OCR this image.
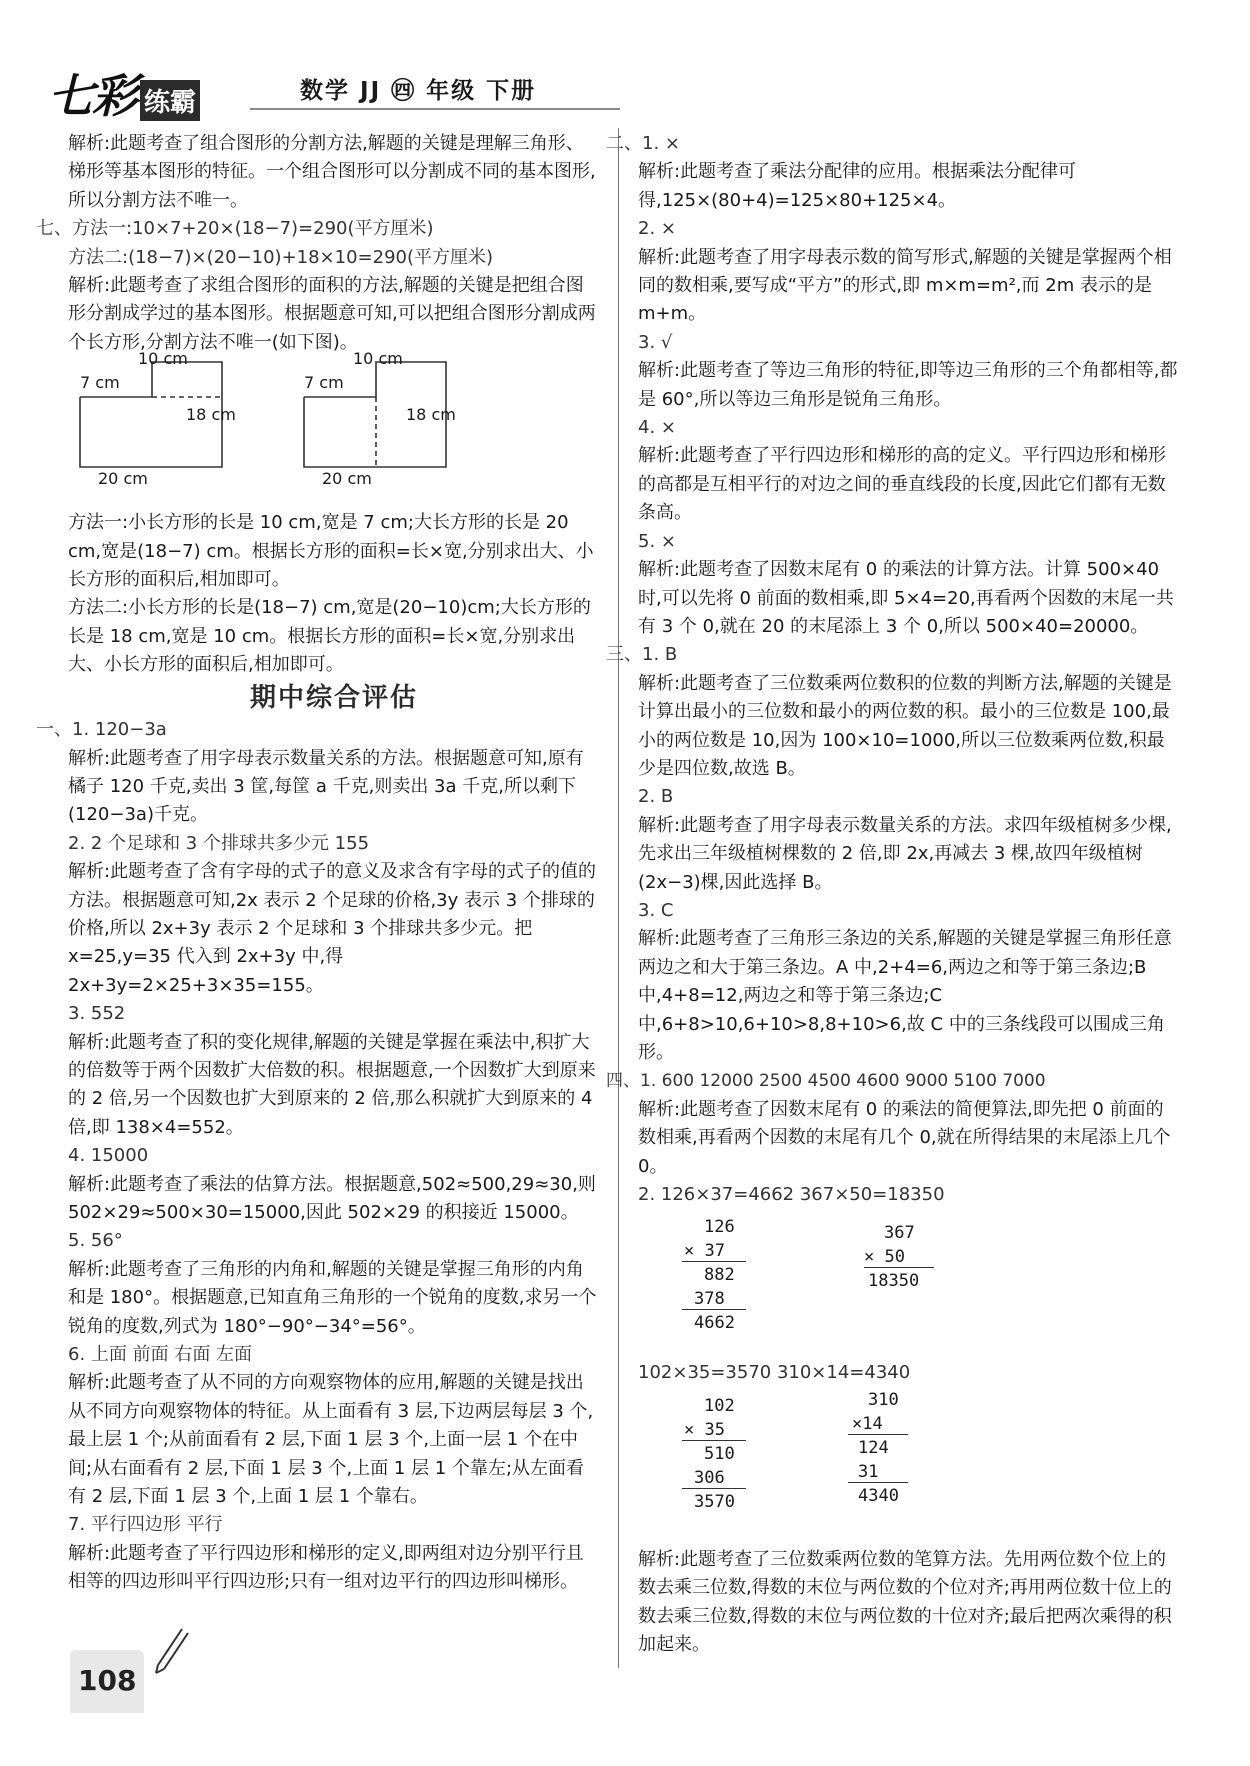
七彩 练霸	数学 JJ ㊃ 年级 下册

解析:此题考查了组合图形的分割方法,解题的关键是理解三角形、梯形等基本图形的特征。一个组合图形可以分割成不同的基本图形,所以分割方法不唯一。

七、方法一:10×7+20×(18−7)=290(平方厘米)

方法二:(18−7)×(20−10)+18×10=290(平方厘米)

解析:此题考查了求组合图形的面积的方法,解题的关键是把组合图形分割成学过的基本图形。根据题意可知,可以把组合图形分割成两个长方形,分割方法不唯一(如下图)。

10 cm
7 cm
18 cm
20 cm
10 cm
7 cm
18 cm
20 cm

方法一:小长方形的长是 10 cm,宽是 7 cm;大长方形的长是 20 cm,宽是(18−7) cm。根据长方形的面积=长×宽,分别求出大、小长方形的面积后,相加即可。

方法二:小长方形的长是(18−7) cm,宽是(20−10)cm;大长方形的长是 18 cm,宽是 10 cm。根据长方形的面积=长×宽,分别求出大、小长方形的面积后,相加即可。

期中综合评估

一、1. 120−3a

解析:此题考查了用字母表示数量关系的方法。根据题意可知,原有橘子 120 千克,卖出 3 筐,每筐 a 千克,则卖出 3a 千克,所以剩下(120−3a)千克。

2. 2 个足球和 3 个排球共多少元 155

解析:此题考查了含有字母的式子的意义及求含有字母的式子的值的方法。根据题意可知,2x 表示 2 个足球的价格,3y 表示 3 个排球的价格,所以 2x+3y 表示 2 个足球和 3 个排球共多少元。把 x=25,y=35 代入到 2x+3y 中,得 2x+3y=2×25+3×35=155。

3. 552

解析:此题考查了积的变化规律,解题的关键是掌握在乘法中,积扩大的倍数等于两个因数扩大倍数的积。根据题意,一个因数扩大到原来的 2 倍,另一个因数也扩大到原来的 2 倍,那么积就扩大到原来的 4 倍,即 138×4=552。

4. 15000

解析:此题考查了乘法的估算方法。根据题意,502≈500,29≈30,则 502×29≈500×30=15000,因此 502×29 的积接近 15000。

5. 56°

解析:此题考查了三角形的内角和,解题的关键是掌握三角形的内角和是 180°。根据题意,已知直角三角形的一个锐角的度数,求另一个锐角的度数,列式为 180°−90°−34°=56°。

6. 上面 前面 右面 左面

解析:此题考查了从不同的方向观察物体的应用,解题的关键是找出从不同方向观察物体的特征。从上面看有 3 层,下边两层每层 3 个,最上层 1 个;从前面看有 2 层,下面 1 层 3 个,上面一层 1 个在中间;从右面看有 2 层,下面 1 层 3 个,上面 1 层 1 个靠左;从左面看有 2 层,下面 1 层 3 个,上面 1 层 1 个靠右。

7. 平行四边形 平行

解析:此题考查了平行四边形和梯形的定义,即两组对边分别平行且相等的四边形叫平行四边形;只有一组对边平行的四边形叫梯形。

二、1. ×

解析:此题考查了乘法分配律的应用。根据乘法分配律可得,125×(80+4)=125×80+125×4。

2. ×

解析:此题考查了用字母表示数的简写形式,解题的关键是掌握两个相同的数相乘,要写成“平方”的形式,即 m×m=m²,而 2m 表示的是 m+m。

3. √

解析:此题考查了等边三角形的特征,即等边三角形的三个角都相等,都是 60°,所以等边三角形是锐角三角形。

4. ×

解析:此题考查了平行四边形和梯形的高的定义。平行四边形和梯形的高都是互相平行的对边之间的垂直线段的长度,因此它们都有无数条高。

5. ×

解析:此题考查了因数末尾有 0 的乘法的计算方法。计算 500×40 时,可以先将 0 前面的数相乘,即 5×4=20,再看两个因数的末尾一共有 3 个 0,就在 20 的末尾添上 3 个 0,所以 500×40=20000。

三、1. B

解析:此题考查了三位数乘两位数积的位数的判断方法,解题的关键是计算出最小的三位数和最小的两位数的积。最小的三位数是 100,最小的两位数是 10,因为 100×10=1000,所以三位数乘两位数,积最少是四位数,故选 B。

2. B

解析:此题考查了用字母表示数量关系的方法。求四年级植树多少棵,先求出三年级植树棵数的 2 倍,即 2x,再减去 3 棵,故四年级植树(2x−3)棵,因此选择 B。

3. C

解析:此题考查了三角形三条边的关系,解题的关键是掌握三角形任意两边之和大于第三条边。A 中,2+4=6,两边之和等于第三条边;B 中,4+8=12,两边之和等于第三条边;C 中,6+8>10,6+10>8,8+10>6,故 C 中的三条线段可以围成三角形。

四、1. 600 12000 2500 4500 4600 9000 5100 7000

解析:此题考查了因数末尾有 0 的乘法的简便算法,即先把 0 前面的数相乘,再看两个因数的末尾有几个 0,就在所得结果的末尾添上几个 0。

2. 126×37=4662 367×50=18350

126
× 37
882
378
4662
367
× 50
18350

102×35=3570 310×14=4340

102
× 35
510
306
3570
310
×14
124
31
4340

解析:此题考查了三位数乘两位数的笔算方法。先用两位数个位上的数去乘三位数,得数的末位与两位数的个位对齐;再用两位数十位上的数去乘三位数,得数的末位与两位数的十位对齐;最后把两次乘得的积加起来。

108
